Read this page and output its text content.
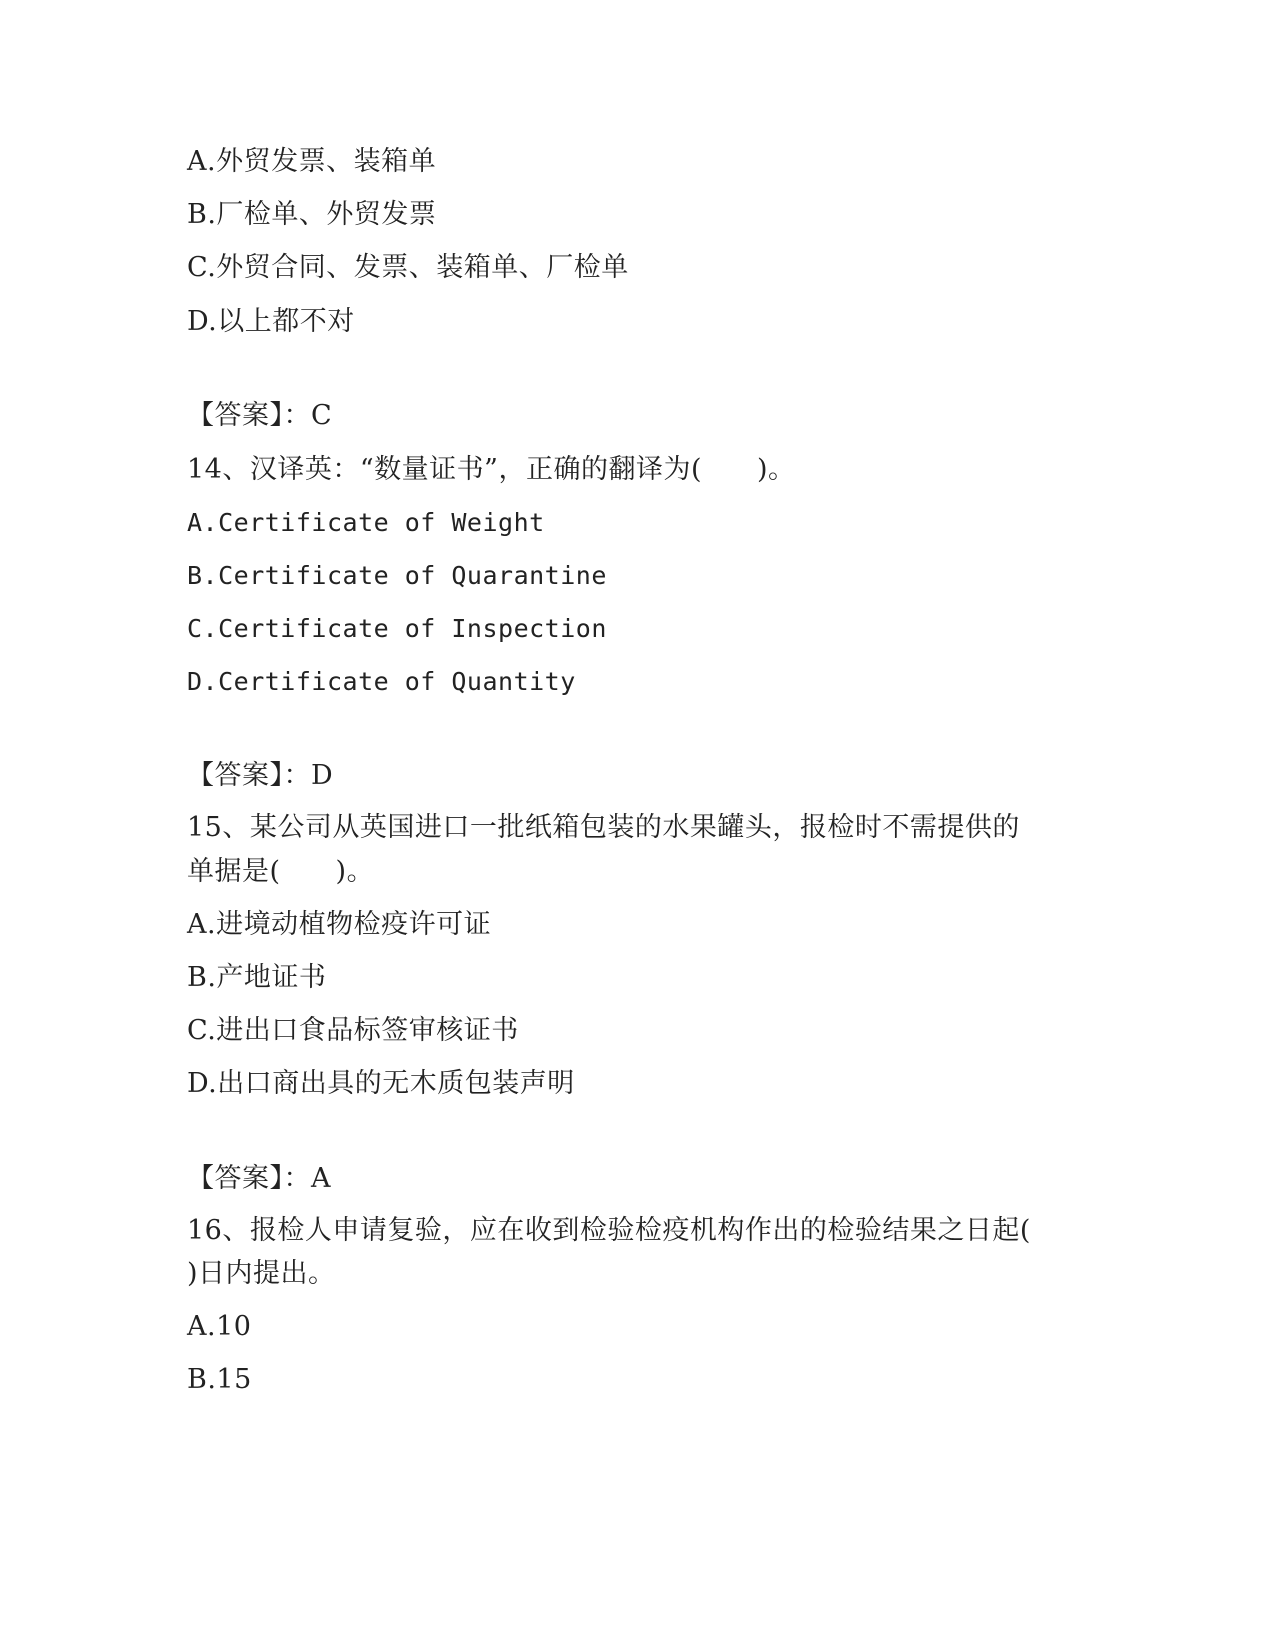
A.外贸发票、装箱单
B.厂检单、外贸发票
C.外贸合同、发票、装箱单、厂检单
D.以上都不对
【答案】：C
14、汉译英：“数量证书”，正确的翻译为(　　)。
A.Certificate of Weight
B.Certificate of Quarantine
C.Certificate of Inspection
D.Certificate of Quantity
【答案】：D
15、某公司从英国进口一批纸箱包装的水果罐头，报检时不需提供的
单据是(　　)。
A.进境动植物检疫许可证
B.产地证书
C.进出口食品标签审核证书
D.出口商出具的无木质包装声明
【答案】：A
16、报检人申请复验，应在收到检验检疫机构作出的检验结果之日起(
)日内提出。
A.10
B.15
